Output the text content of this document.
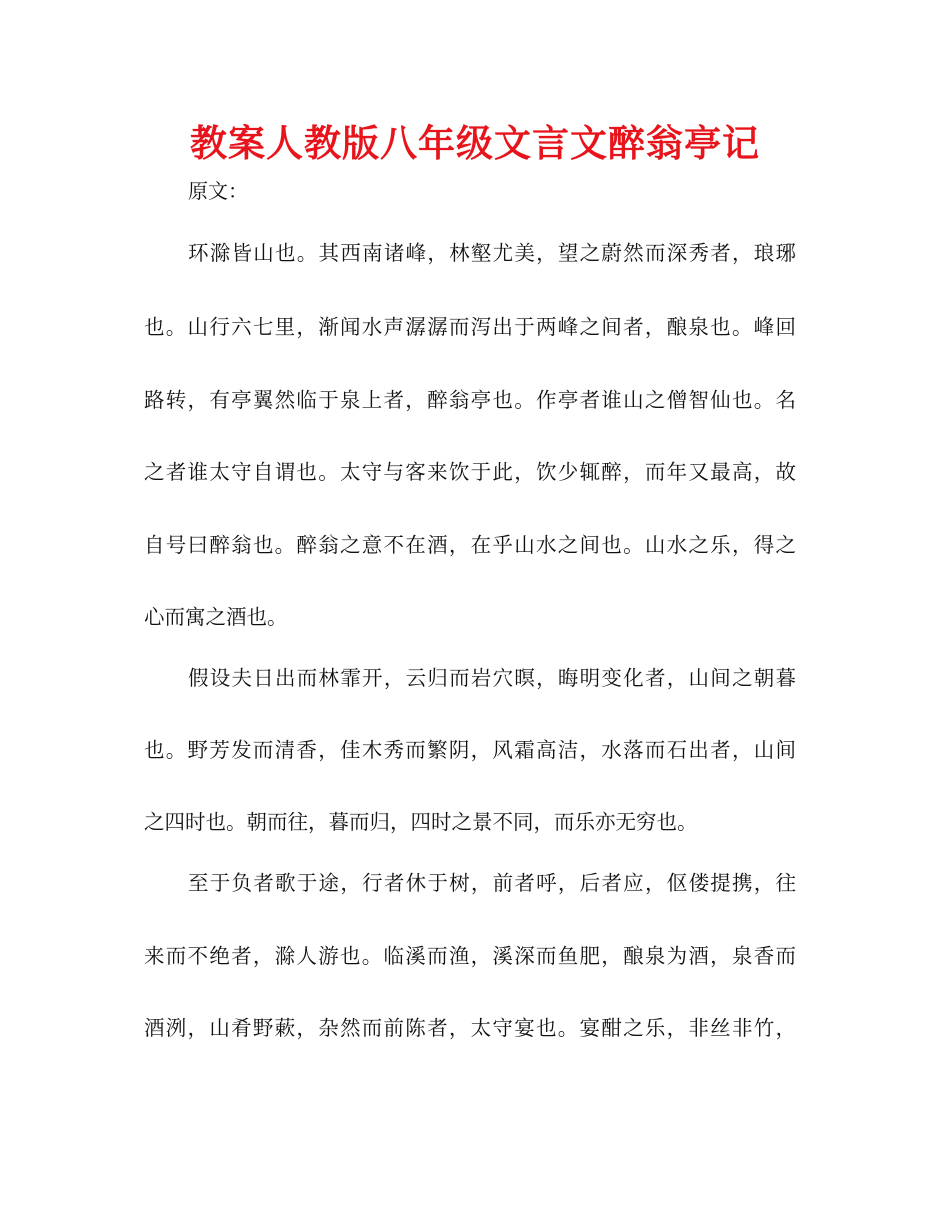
教案人教版八年级文言文醉翁亭记
原文：
环滁皆山也。其西南诸峰，林壑尤美，望之蔚然而深秀者，琅琊
也。山行六七里，渐闻水声潺潺而泻出于两峰之间者，酿泉也。峰回
路转，有亭翼然临于泉上者，醉翁亭也。作亭者谁山之僧智仙也。名
之者谁太守自谓也。太守与客来饮于此，饮少辄醉，而年又最高，故
自号曰醉翁也。醉翁之意不在酒，在乎山水之间也。山水之乐，得之
心而寓之酒也。
假设夫日出而林霏开，云归而岩穴暝，晦明变化者，山间之朝暮
也。野芳发而清香，佳木秀而繁阴，风霜高洁，水落而石出者，山间
之四时也。朝而往，暮而归，四时之景不同，而乐亦无穷也。
至于负者歌于途，行者休于树，前者呼，后者应，伛偻提携，往
来而不绝者，滁人游也。临溪而渔，溪深而鱼肥，酿泉为酒，泉香而
酒洌，山肴野蔌，杂然而前陈者，太守宴也。宴酣之乐，非丝非竹，
